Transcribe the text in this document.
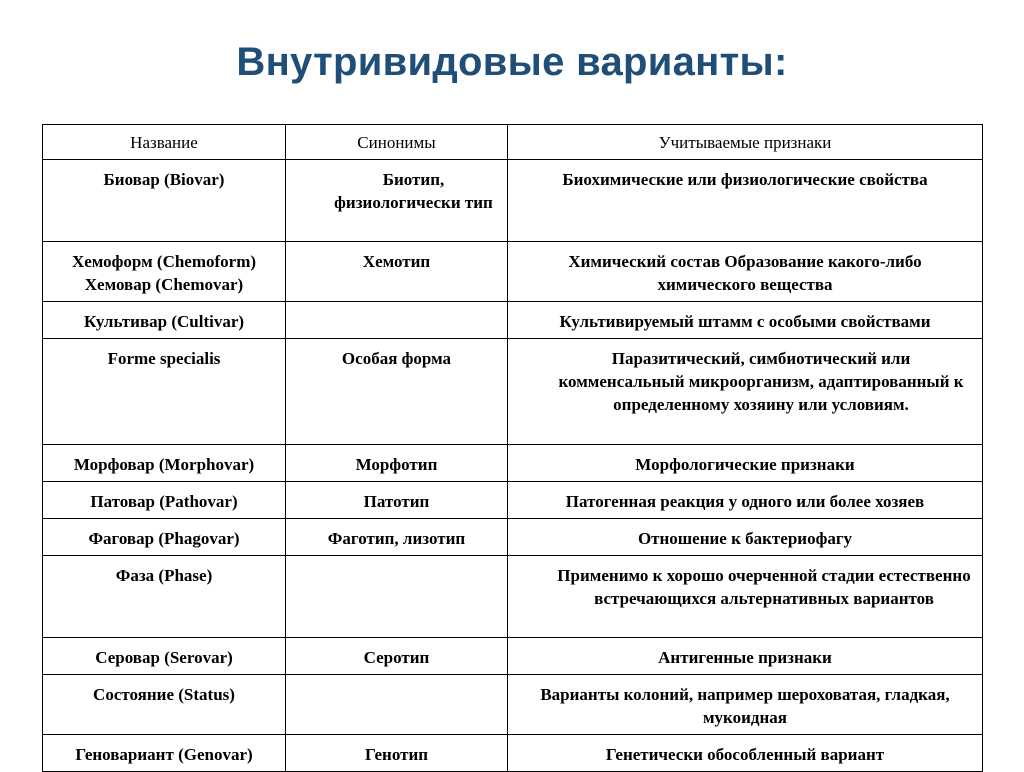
Внутривидовые варианты:
Название	Синонимы	Учитываемые признаки
Биовар (Biovar)	Биотип, физиологически тип	Биохимические или физиологические свойства
Хемоформ (Chemoform) Хемовар (Chemovar)	Хемотип	Химический состав Образование какого-либо химического вещества
Культивар (Cultivar)		Культивируемый штамм с особыми свойствами
Forme specialis	Особая форма	Паразитический, симбиотический или комменсальный микроорганизм, адаптированный к определенному хозяину или условиям.
Морфовар (Morphovar)	Морфотип	Морфологические признаки
Патовар (Pathovar)	Патотип	Патогенная реакция у одного или более хозяев
Фаговар (Phagovar)	Фаготип, лизотип	Отношение к бактериофагу
Фаза (Phase)		Применимо к хорошо очерченной стадии естественно встречающихся альтернативных вариантов
Серовар (Serovar)	Серотип	Антигенные признаки
Состояние (Status)		Варианты колоний, например шероховатая, гладкая, мукоидная
Геновариант (Genovar)	Генотип	Генетически обособленный вариант
